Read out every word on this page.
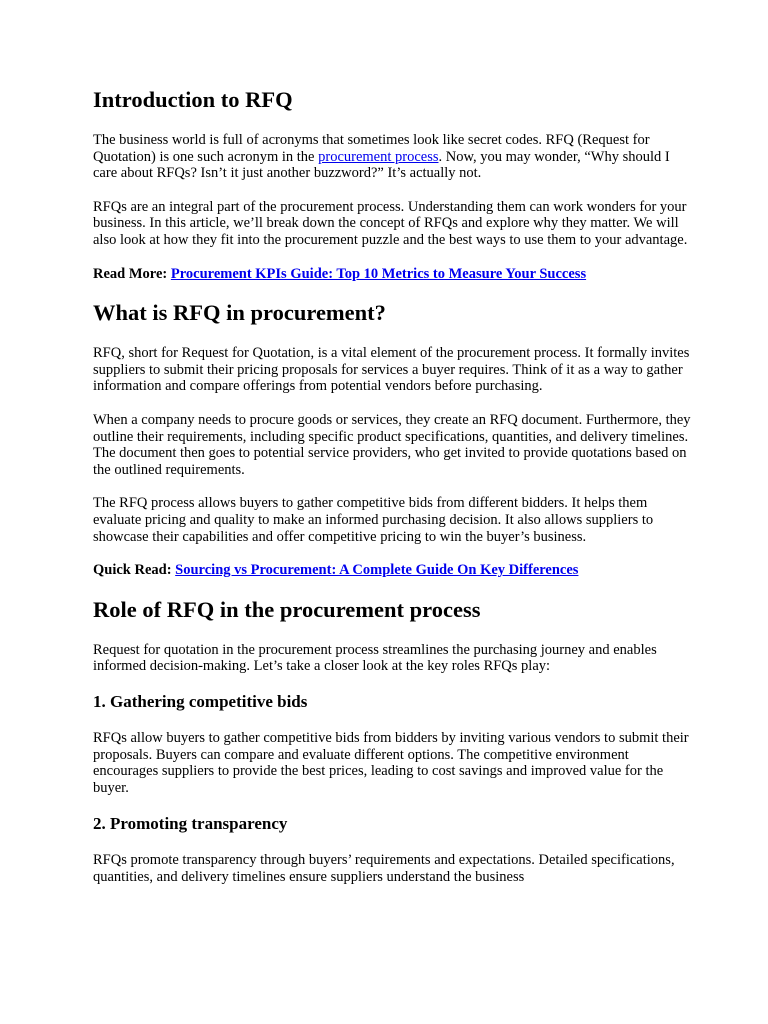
Introduction to RFQ

The business world is full of acronyms that sometimes look like secret codes. RFQ (Request for Quotation) is one such acronym in the procurement process. Now, you may wonder, “Why should I care about RFQs? Isn’t it just another buzzword?” It’s actually not.

RFQs are an integral part of the procurement process. Understanding them can work wonders for your business. In this article, we’ll break down the concept of RFQs and explore why they matter. We will also look at how they fit into the procurement puzzle and the best ways to use them to your advantage.

Read More: Procurement KPIs Guide: Top 10 Metrics to Measure Your Success

What is RFQ in procurement?

RFQ, short for Request for Quotation, is a vital element of the procurement process. It formally invites suppliers to submit their pricing proposals for services a buyer requires. Think of it as a way to gather information and compare offerings from potential vendors before purchasing.

When a company needs to procure goods or services, they create an RFQ document. Furthermore, they outline their requirements, including specific product specifications, quantities, and delivery timelines. The document then goes to potential service providers, who get invited to provide quotations based on the outlined requirements.

The RFQ process allows buyers to gather competitive bids from different bidders. It helps them evaluate pricing and quality to make an informed purchasing decision. It also allows suppliers to showcase their capabilities and offer competitive pricing to win the buyer’s business.

Quick Read: Sourcing vs Procurement: A Complete Guide On Key Differences

Role of RFQ in the procurement process

Request for quotation in the procurement process streamlines the purchasing journey and enables informed decision-making. Let’s take a closer look at the key roles RFQs play:

1. Gathering competitive bids

RFQs allow buyers to gather competitive bids from bidders by inviting various vendors to submit their proposals. Buyers can compare and evaluate different options. The competitive environment encourages suppliers to provide the best prices, leading to cost savings and improved value for the buyer.

2. Promoting transparency

RFQs promote transparency through buyers’ requirements and expectations. Detailed specifications, quantities, and delivery timelines ensure suppliers understand the business
